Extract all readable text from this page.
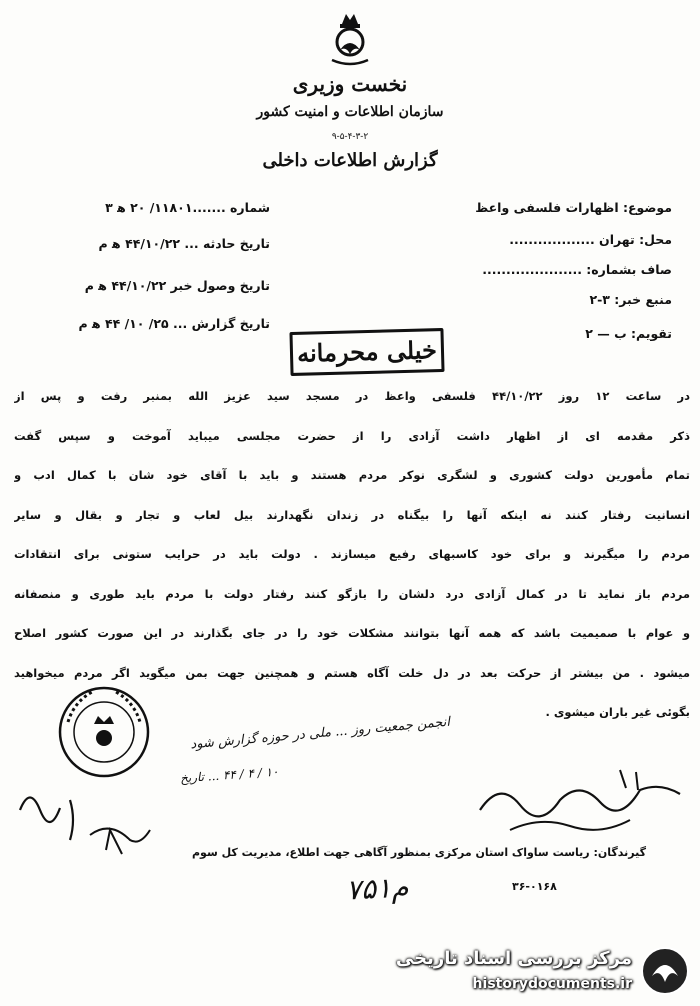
نخست وزیری
سازمان اطلاعات و امنیت کشور
۹-۵-۴-۳-۲
گزارش اطلاعات داخلی
شماره .......۱۱۸۰۱/ ۲۰ ه‍ ۳
تاریخ حادثه ... ۴۴/۱۰/۲۲ ه‍ م
تاریخ وصول خبر ۴۴/۱۰/۲۲ ه‍ م
تاریخ گزارش ... ۲۵/ ۱۰/ ۴۴ ه‍ م
موضوع: اظهارات فلسفی واعظ
محل: تهران ..................
صاف بشماره: .....................
منبع خبر: ۳-۲
تقویم: ب — ۲
خیلی محرمانه
در ساعت ۱۲ روز ۴۴/۱۰/۲۲ فلسفی واعظ در مسجد سید عزیز الله بمنبر رفت و پس از
ذکر مقدمه ای از اظهار داشت آزادی را از حضرت مجلسی میباید آموخت و سپس گفت
تمام مأمورین دولت کشوری و لشگری نوکر مردم هستند و باید با آقای خود شان با کمال ادب و
انسانیت رفتار کنند نه اینکه آنها را بیگناه در زندان نگهدارند بیل لعاب و تجار و بقال و سایر
مردم را میگیرند و برای خود کاسبهای رفیع میسازند . دولت باید در حرایب ستونی برای انتقادات
مردم باز نماید تا در کمال آزادی درد دلشان را بازگو کنند رفتار دولت با مردم باید طوری و منصفانه
و عوام با صمیمیت باشد که همه آنها بتوانند مشکلات خود را در جای بگذارند در این صورت کشور اصلاح
میشود . من بیشتر از حرکت بعد در دل خلت آگاه هستم و همچنین جهت بمن میگوید اگر مردم میخواهید
بگوئی غیر باران میشوی .
انجمن جمعیت روز ... ملی در حوزه گزارش شود
۱۰ / ۴ / ۴۴ ... تاریخ
گیرندگان: ریاست ساواک استان مرکزی بمنظور آگاهی جهت اطلاع، مدیریت کل سوم
۳۶-۰۱۶۸
۷۵۱م
مرکز بررسی اسناد تاریخی
historydocuments.ir
